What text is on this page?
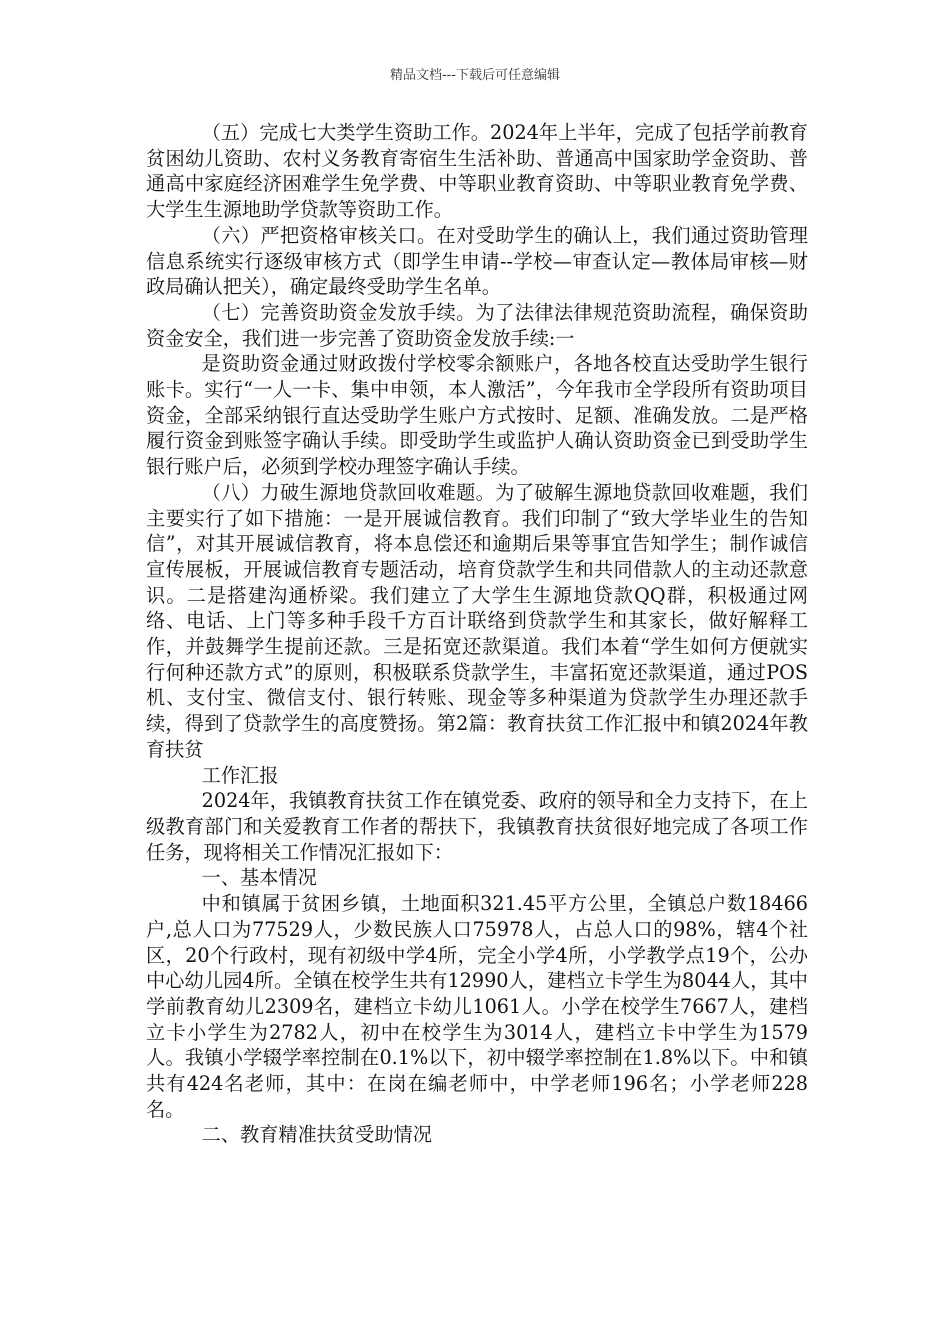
精品文档---下载后可任意编辑

（五）完成七大类学生资助工作。2024年上半年，完成了包括学前教育贫困幼儿资助、农村义务教育寄宿生生活补助、普通高中国家助学金资助、普通高中家庭经济困难学生免学费、中等职业教育资助、中等职业教育免学费、大学生生源地助学贷款等资助工作。

（六）严把资格审核关口。在对受助学生的确认上，我们通过资助管理信息系统实行逐级审核方式（即学生申请--学校—审查认定—教体局审核—财政局确认把关），确定最终受助学生名单。

（七）完善资助资金发放手续。为了法律法律规范资助流程，确保资助资金安全，我们进一步完善了资助资金发放手续:一

是资助资金通过财政拨付学校零余额账户，各地各校直达受助学生银行账卡。实行“一人一卡、集中申领，本人激活”，今年我市全学段所有资助项目资金，全部采纳银行直达受助学生账户方式按时、足额、准确发放。二是严格履行资金到账签字确认手续。即受助学生或监护人确认资助资金已到受助学生银行账户后，必须到学校办理签字确认手续。

（八）力破生源地贷款回收难题。为了破解生源地贷款回收难题，我们主要实行了如下措施：一是开展诚信教育。我们印制了“致大学毕业生的告知信”，对其开展诚信教育，将本息偿还和逾期后果等事宜告知学生；制作诚信宣传展板，开展诚信教育专题活动，培育贷款学生和共同借款人的主动还款意识。二是搭建沟通桥梁。我们建立了大学生生源地贷款QQ群，积极通过网络、电话、上门等多种手段千方百计联络到贷款学生和其家长，做好解释工作，并鼓舞学生提前还款。三是拓宽还款渠道。我们本着“学生如何方便就实行何种还款方式”的原则，积极联系贷款学生，丰富拓宽还款渠道，通过POS机、支付宝、微信支付、银行转账、现金等多种渠道为贷款学生办理还款手续，得到了贷款学生的高度赞扬。第2篇：教育扶贫工作汇报中和镇2024年教育扶贫

工作汇报

2024年，我镇教育扶贫工作在镇党委、政府的领导和全力支持下，在上级教育部门和关爱教育工作者的帮扶下，我镇教育扶贫很好地完成了各项工作任务，现将相关工作情况汇报如下：

一、基本情况

中和镇属于贫困乡镇，土地面积321.45平方公里，全镇总户数18466户,总人口为77529人，少数民族人口75978人，占总人口的98%，辖4个社区，20个行政村，现有初级中学4所，完全小学4所，小学教学点19个，公办中心幼儿园4所。全镇在校学生共有12990人，建档立卡学生为8044人，其中学前教育幼儿2309名，建档立卡幼儿1061人。小学在校学生7667人，建档立卡小学生为2782人，初中在校学生为3014人，建档立卡中学生为1579人。我镇小学辍学率控制在0.1%以下，初中辍学率控制在1.8%以下。中和镇共有424名老师，其中：在岗在编老师中，中学老师196名；小学老师228名。

二、教育精准扶贫受助情况
